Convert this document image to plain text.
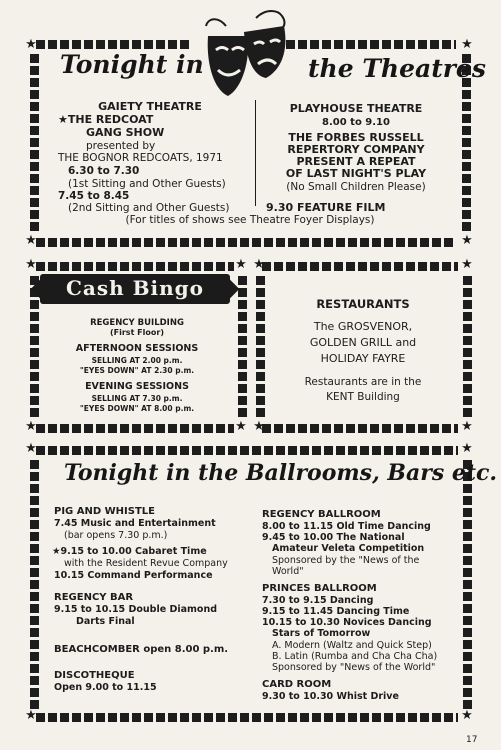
★	★
★	★
Tonight in	the Theatres
GAIETY THEATRE
★THE REDCOAT
GANG SHOW
presented by
THE BOGNOR REDCOATS, 1971
6.30 to 7.30
(1st Sitting and Other Guests)
7.45 to 8.45
(2nd Sitting and Other Guests)
PLAYHOUSE THEATRE
8.00 to 9.10
THE FORBES RUSSELL
REPERTORY COMPANY
PRESENT A REPEAT
OF LAST NIGHT'S PLAY
(No Small Children Please)
9.30 FEATURE FILM
(For titles of shows see Theatre Foyer Displays)
★	★
★	★
Cash Bingo
REGENCY BUILDING
(First Floor)
AFTERNOON SESSIONS
SELLING AT 2.00 p.m.
"EYES DOWN" AT 2.30 p.m.
EVENING SESSIONS
SELLING AT 7.30 p.m.
"EYES DOWN" AT 8.00 p.m.
★	★
★	★
RESTAURANTS
The GROSVENOR,
GOLDEN GRILL and
HOLIDAY FAYRE
Restaurants are in the
KENT Building
★	★
★	★
Tonight in the Ballrooms, Bars etc.
PIG AND WHISTLE
7.45 Music and Entertainment
(bar opens 7.30 p.m.)
★9.15 to 10.00 Cabaret Time
with the Resident Revue Company
10.15 Command Performance
REGENCY BAR
9.15 to 10.15 Double Diamond
Darts Final
BEACHCOMBER open 8.00 p.m.
DISCOTHEQUE
Open 9.00 to 11.15
REGENCY BALLROOM
8.00 to 11.15 Old Time Dancing
9.45 to 10.00 The National
Amateur Veleta Competition
Sponsored by the "News of the
World"
PRINCES BALLROOM
7.30 to 9.15 Dancing
9.15 to 11.45 Dancing Time
10.15 to 10.30 Novices Dancing
Stars of Tomorrow
A. Modern (Waltz and Quick Step)
B. Latin (Rumba and Cha Cha Cha)
Sponsored by "News of the World"
CARD ROOM
9.30 to 10.30 Whist Drive
17
